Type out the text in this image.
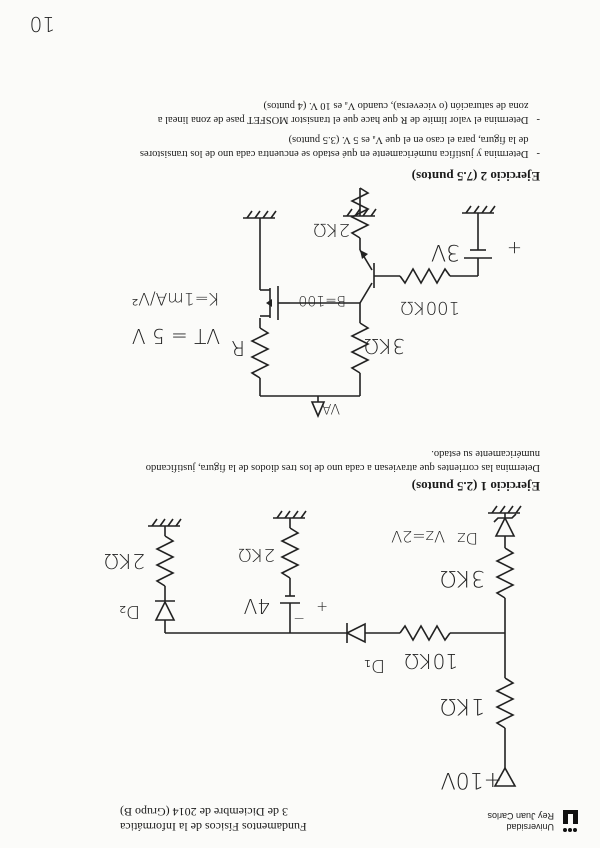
Universidad
Rey Juan Carlos
Fundamentos Físicos de la Informática
3 de Diciembre de 2014 (Grupo B)
+10V
1KΩ
10KΩ
D₁
3KΩ
Dz
Vz=2V
4V	+
−
2KΩ
D₂
2KΩ
Ejercicio 1 (2.5 puntos)
Determina las corrientes que atraviesan a cada uno de los tres diodos de la figura, justificando
numéricamente su estado.
VA
R	3KΩ
VT = 5 V
K=1mA/V²	B=100	100KΩ
2KΩ
3V	+
Ejercicio 2 (7.5 puntos)
-
Determina y justifica numéricamente en qué estado se encuentra cada uno de los transistores
de la figura, para el caso en el que Vₐ es 5 V. (3.5 puntos)
-
Determina el valor límite de R que hace que el transistor MOSFET pase de zona lineal a
zona de saturación (o viceversa), cuando Vₐ es 10 V. (4 puntos)
10
